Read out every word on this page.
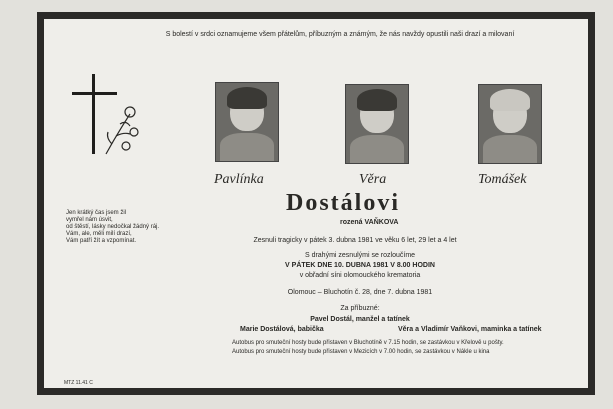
S bolestí v srdci oznamujeme všem přátelům, příbuzným a známým, že nás navždy opustili naši drazí a milovaní
Pavlínka	Věra	Tomášek
Dostálovi
rozená VAŇKOVA
Jen krátký čas jsem žil
vymřel nám úsvit,
od štěstí, lásky nedočkal žádný ráj.
Vám, ale, měli milí drazí,
Vám patří žít a vzpomínat.	Zesnuli tragicky v pátek 3. dubna 1981 ve věku 6 let, 29 let a 4 let
S drahými zesnulými se rozloučíme
V PÁTEK DNE 10. DUBNA 1981 V 8.00 HODIN
v obřadní síni olomouckého krematoria
Olomouc – Bluchotín č. 28, dne 7. dubna 1981
Za příbuzné:
Pavel Dostál, manžel a tatínek
Marie Dostálová, babička	Věra a Vladimír Vaňkovi, maminka a tatínek
Autobus pro smuteční hosty bude přistaven v Bluchotíně v 7.15 hodin, se zastávkou v Křelově u pošty.
Autobus pro smuteční hosty bude přistaven v Mezicích v 7.00 hodin, se zastávkou v Nákle u kina
MTZ 11.41 C
